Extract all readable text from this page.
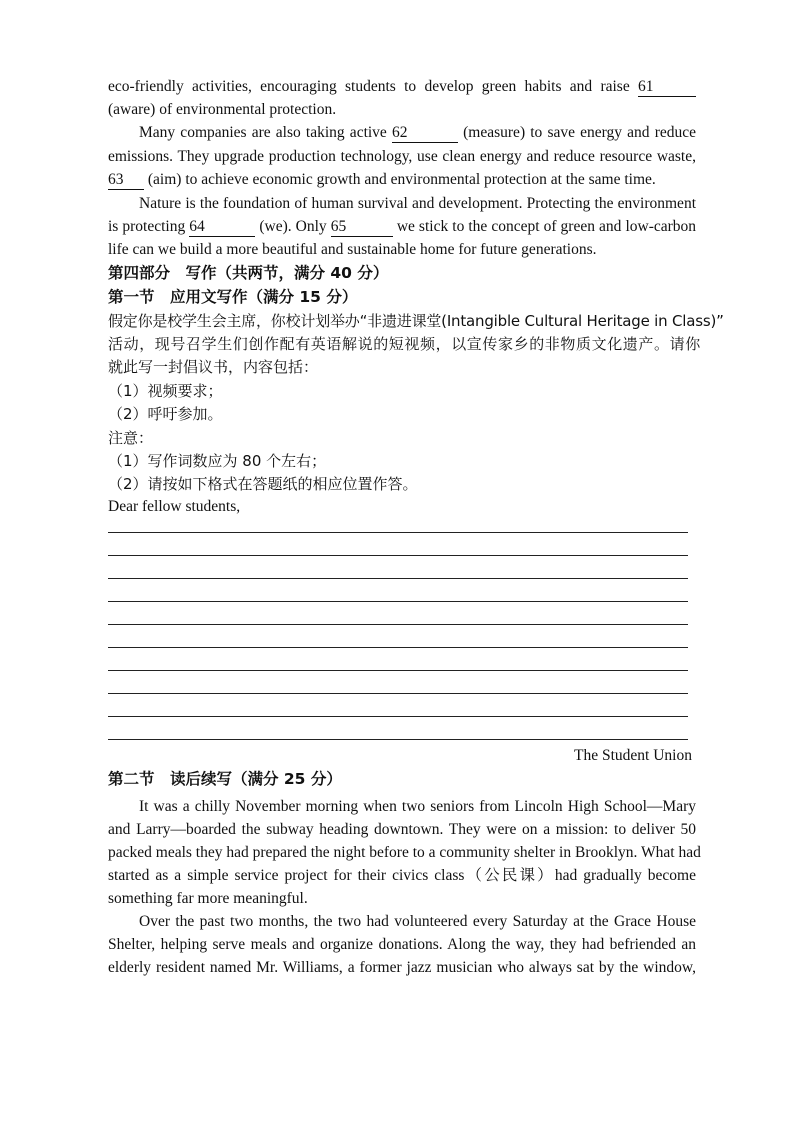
eco-friendly activities, encouraging students to develop green habits and raise 61
(aware) of environmental protection.
Many companies are also taking active 62	(measure) to save energy and reduce
emissions. They upgrade production technology, use clean energy and reduce resource waste,
63 (aim) to achieve economic growth and environmental protection at the same time.
Nature is the foundation of human survival and development. Protecting the environment
is protecting 64	(we). Only 65	we stick to the concept of green and low-carbon
life can we build a more beautiful and sustainable home for future generations.
第四部分　写作（共两节，满分 40 分）
第一节　应用文写作（满分 15 分）
假定你是校学生会主席，你校计划举办“非遗进课堂(Intangible Cultural Heritage in Class)”
活动，现号召学生们创作配有英语解说的短视频，以宣传家乡的非物质文化遗产。请你
就此写一封倡议书，内容包括：
（1）视频要求；
（2）呼吁参加。
注意：
（1）写作词数应为 80 个左右；
（2）请按如下格式在答题纸的相应位置作答。
Dear fellow students,
The Student Union
第二节　读后续写（满分 25 分）
It was a chilly November morning when two seniors from Lincoln High School—Mary
and Larry—boarded the subway heading downtown. They were on a mission: to deliver 50
packed meals they had prepared the night before to a community shelter in Brooklyn. What had
started as a simple service project for their civics class（公民课）had gradually become
something far more meaningful.
Over the past two months, the two had volunteered every Saturday at the Grace House
Shelter, helping serve meals and organize donations. Along the way, they had befriended an
elderly resident named Mr. Williams, a former jazz musician who always sat by the window,
